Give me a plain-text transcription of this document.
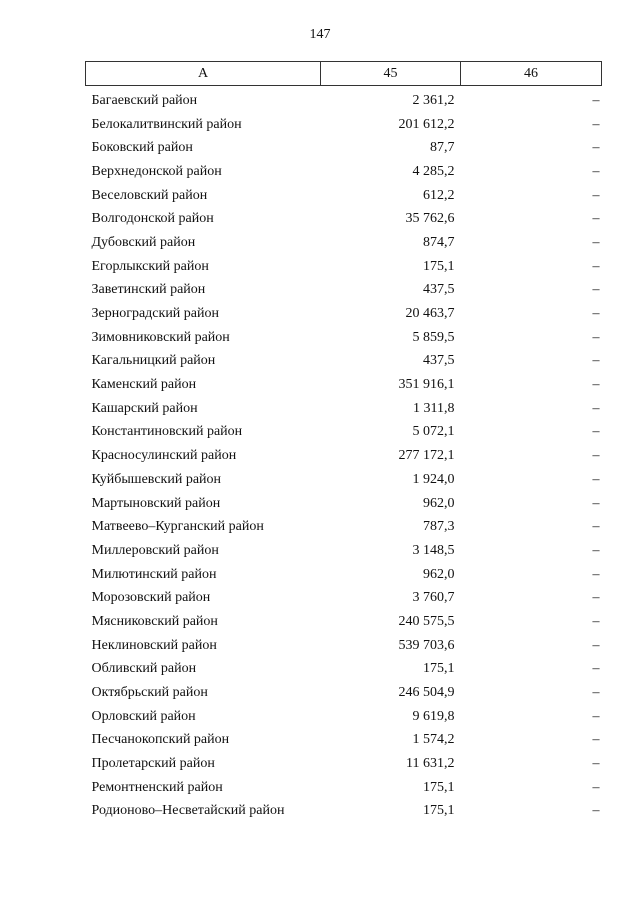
147
А	45	46
Багаевский район	2 361,2	–
Белокалитвинский район	201 612,2	–
Боковский район	87,7	–
Верхнедонской район	4 285,2	–
Веселовский район	612,2	–
Волгодонской район	35 762,6	–
Дубовский район	874,7	–
Егорлыкский район	175,1	–
Заветинский район	437,5	–
Зерноградский район	20 463,7	–
Зимовниковский район	5 859,5	–
Кагальницкий район	437,5	–
Каменский район	351 916,1	–
Кашарский район	1 311,8	–
Константиновский район	5 072,1	–
Красносулинский район	277 172,1	–
Куйбышевский район	1 924,0	–
Мартыновский район	962,0	–
Матвеево–Курганский район	787,3	–
Миллеровский район	3 148,5	–
Милютинский район	962,0	–
Морозовский район	3 760,7	–
Мясниковский район	240 575,5	–
Неклиновский район	539 703,6	–
Обливский район	175,1	–
Октябрьский район	246 504,9	–
Орловский район	9 619,8	–
Песчанокопский район	1 574,2	–
Пролетарский район	11 631,2	–
Ремонтненский район	175,1	–
Родионово–Несветайский район	175,1	–
